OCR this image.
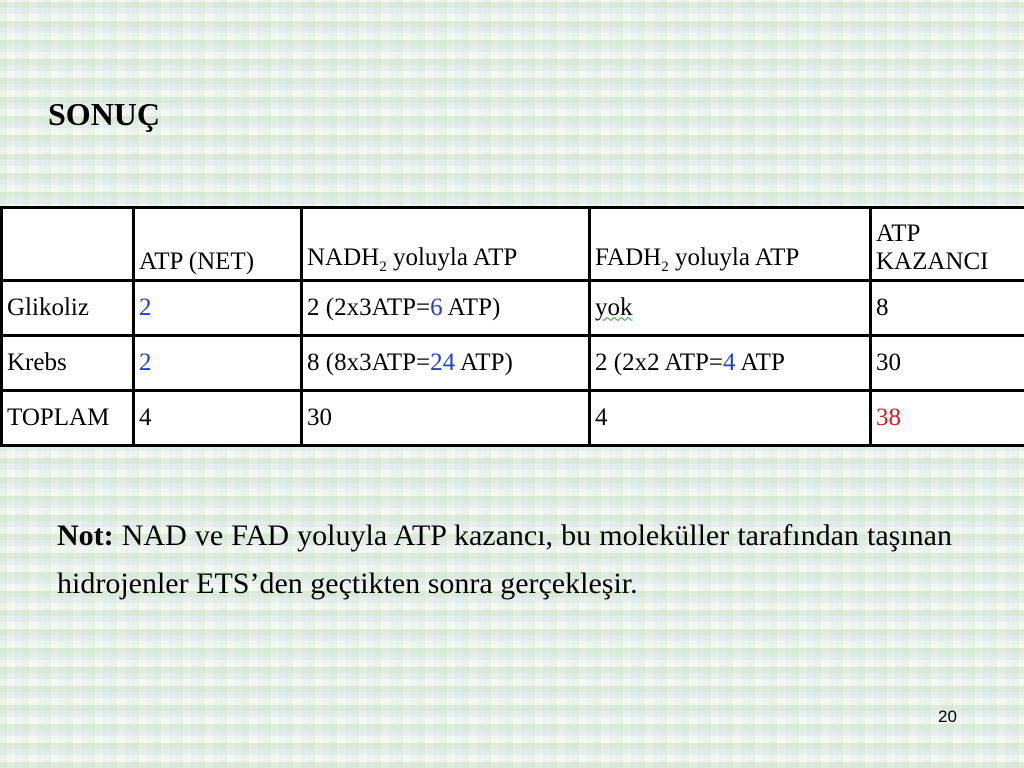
SONUÇ
	ATP (NET)	$NADH_2$ yoluyla ATP	$FADH_2$ yoluyla ATP	ATP
KAZANCI
Glikoliz	2	2 (2x3ATP=6 ATP)	yok	8
Krebs	2	8 (8x3ATP=24 ATP)	2 (2x2 ATP=4 ATP	30
TOPLAM	4	30	4	38

Not: NAD ve FAD yoluyla ATP kazancı, bu moleküller tarafından taşınan hidrojenler ETS’den geçtikten sonra gerçekleşir.

20
